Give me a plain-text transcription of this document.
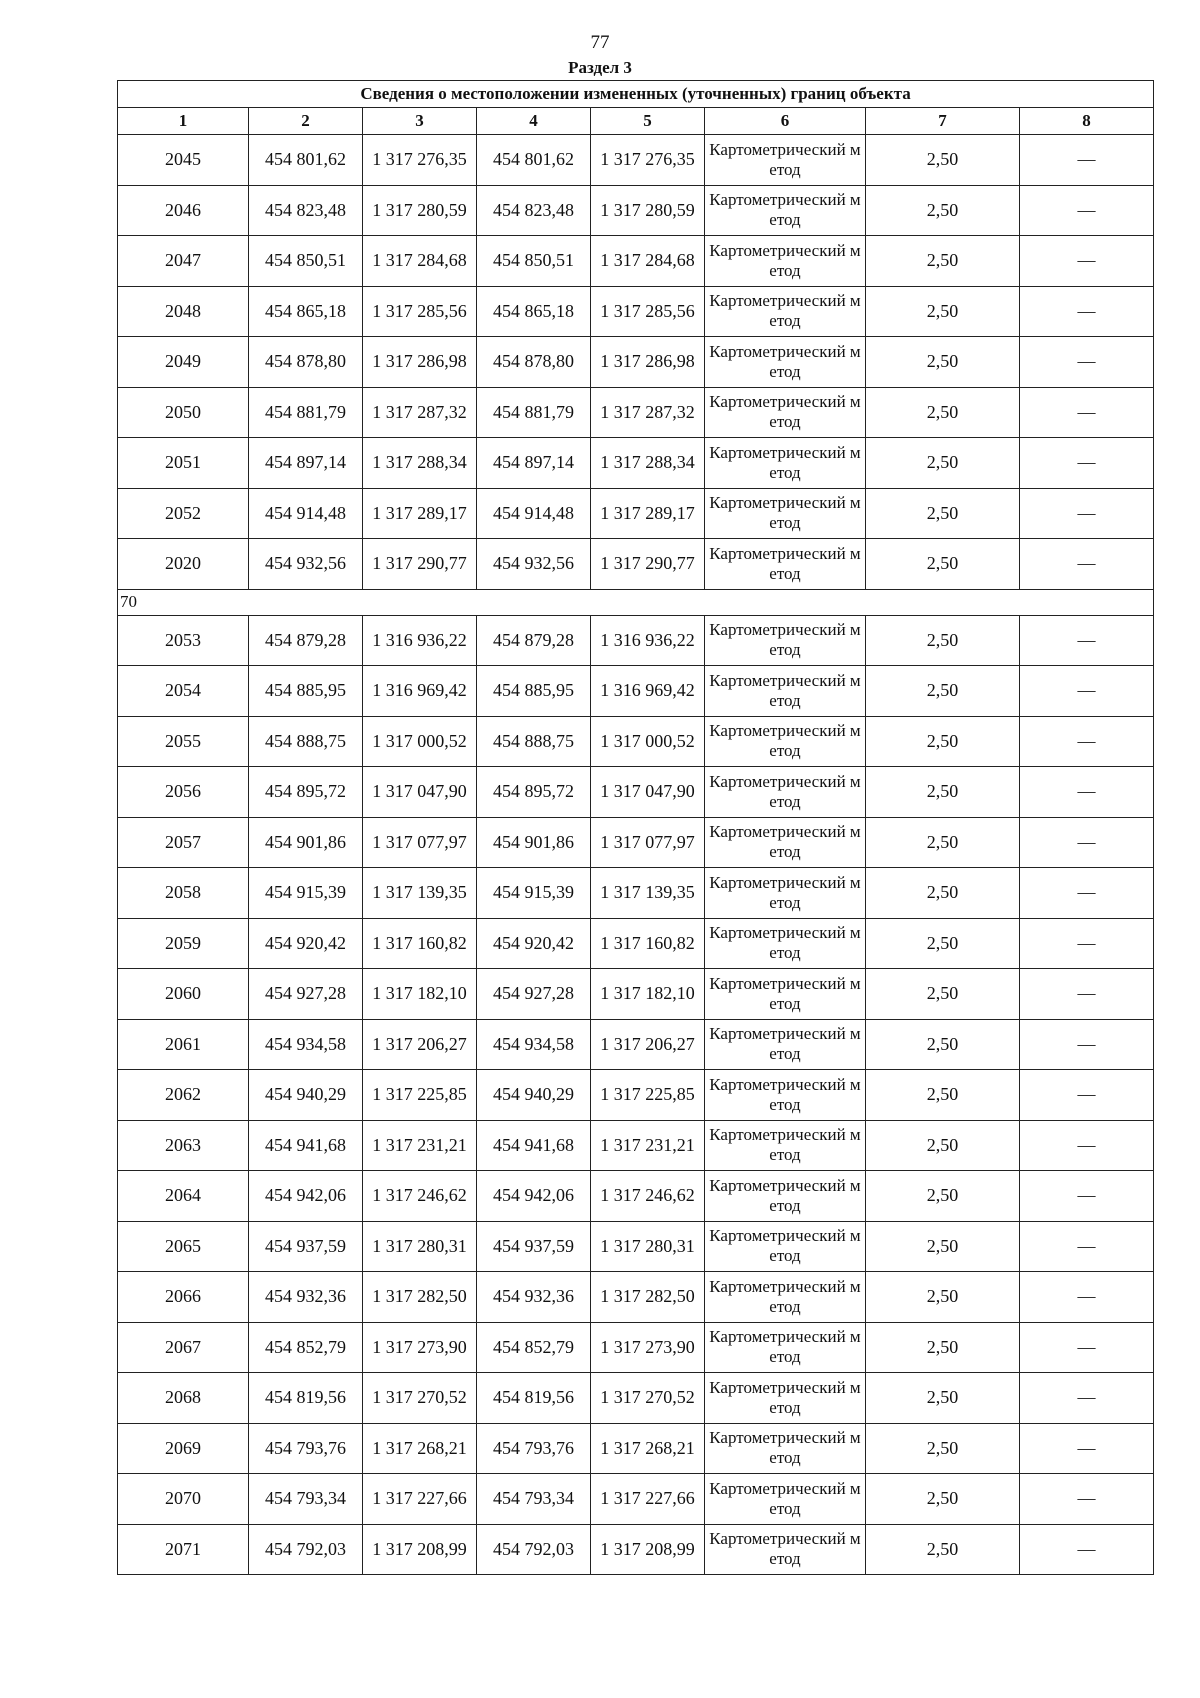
77
Раздел 3
Сведения о местоположении измененных (уточненных) границ объекта							
1	2	3	4	5	6	7	8
2045	454 801,62	1 317 276,35	454 801,62	1 317 276,35	Картометрический метод	2,50	—
2046	454 823,48	1 317 280,59	454 823,48	1 317 280,59	Картометрический метод	2,50	—
2047	454 850,51	1 317 284,68	454 850,51	1 317 284,68	Картометрический метод	2,50	—
2048	454 865,18	1 317 285,56	454 865,18	1 317 285,56	Картометрический метод	2,50	—
2049	454 878,80	1 317 286,98	454 878,80	1 317 286,98	Картометрический метод	2,50	—
2050	454 881,79	1 317 287,32	454 881,79	1 317 287,32	Картометрический метод	2,50	—
2051	454 897,14	1 317 288,34	454 897,14	1 317 288,34	Картометрический метод	2,50	—
2052	454 914,48	1 317 289,17	454 914,48	1 317 289,17	Картометрический метод	2,50	—
2020	454 932,56	1 317 290,77	454 932,56	1 317 290,77	Картометрический метод	2,50	—
70							
2053	454 879,28	1 316 936,22	454 879,28	1 316 936,22	Картометрический метод	2,50	—
2054	454 885,95	1 316 969,42	454 885,95	1 316 969,42	Картометрический метод	2,50	—
2055	454 888,75	1 317 000,52	454 888,75	1 317 000,52	Картометрический метод	2,50	—
2056	454 895,72	1 317 047,90	454 895,72	1 317 047,90	Картометрический метод	2,50	—
2057	454 901,86	1 317 077,97	454 901,86	1 317 077,97	Картометрический метод	2,50	—
2058	454 915,39	1 317 139,35	454 915,39	1 317 139,35	Картометрический метод	2,50	—
2059	454 920,42	1 317 160,82	454 920,42	1 317 160,82	Картометрический метод	2,50	—
2060	454 927,28	1 317 182,10	454 927,28	1 317 182,10	Картометрический метод	2,50	—
2061	454 934,58	1 317 206,27	454 934,58	1 317 206,27	Картометрический метод	2,50	—
2062	454 940,29	1 317 225,85	454 940,29	1 317 225,85	Картометрический метод	2,50	—
2063	454 941,68	1 317 231,21	454 941,68	1 317 231,21	Картометрический метод	2,50	—
2064	454 942,06	1 317 246,62	454 942,06	1 317 246,62	Картометрический метод	2,50	—
2065	454 937,59	1 317 280,31	454 937,59	1 317 280,31	Картометрический метод	2,50	—
2066	454 932,36	1 317 282,50	454 932,36	1 317 282,50	Картометрический метод	2,50	—
2067	454 852,79	1 317 273,90	454 852,79	1 317 273,90	Картометрический метод	2,50	—
2068	454 819,56	1 317 270,52	454 819,56	1 317 270,52	Картометрический метод	2,50	—
2069	454 793,76	1 317 268,21	454 793,76	1 317 268,21	Картометрический метод	2,50	—
2070	454 793,34	1 317 227,66	454 793,34	1 317 227,66	Картометрический метод	2,50	—
2071	454 792,03	1 317 208,99	454 792,03	1 317 208,99	Картометрический метод	2,50	—
